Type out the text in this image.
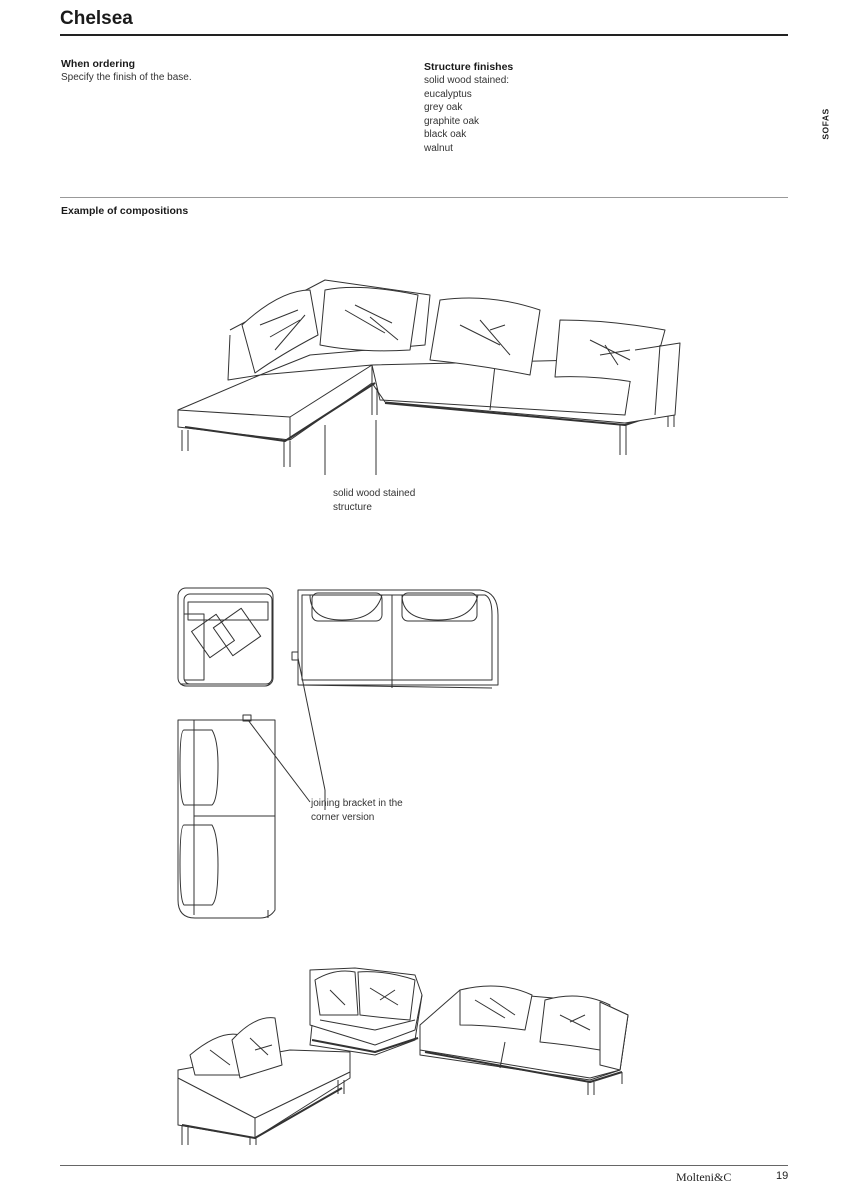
Chelsea
When ordering
Specify the finish of the base.
Structure finishes
solid wood stained:
eucalyptus
grey oak
graphite oak
black oak
walnut
SOFAS
Example of compositions
solid wood stained
structure
joining bracket in the
corner version
Molteni&C	19
